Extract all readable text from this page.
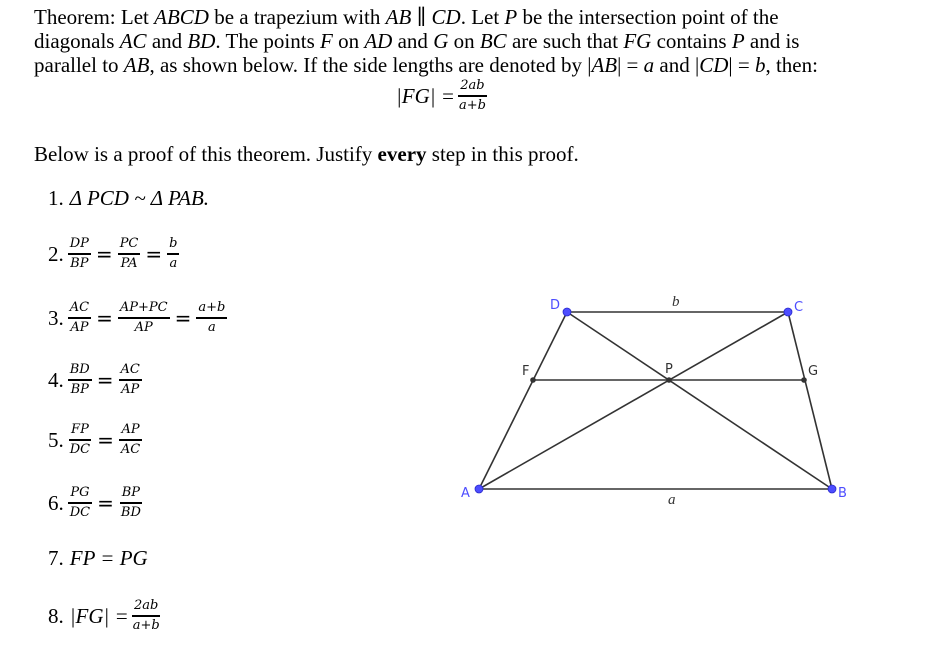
Theorem: Let ABCD be a trapezium with AB ∥ CD. Let P be the intersection point of the
diagonals AC and BD. The points F on AD and G on BC are such that FG contains P and is
parallel to AB, as shown below. If the side lengths are denoted by |AB| = a and |CD| = b, then:
$|FG| = \frac{2ab}{a+b}$
Below is a proof of this theorem. Justify every step in this proof.
1. Δ PCD ~ Δ PAB.
2. $\frac{DP}{BP} = \frac{PC}{PA} = \frac{b}{a}$
3. $\frac{AC}{AP} = \frac{AP+PC}{AP} = \frac{a+b}{a}$
4. $\frac{BD}{BP} = \frac{AC}{AP}$
5. $\frac{FP}{DC} = \frac{AP}{AC}$
6. $\frac{PG}{DC} = \frac{BP}{BD}$
7. FP = PG
8. $|FG| = \frac{2ab}{a+b}$
A	B
C
D
F	P	G
b
a
